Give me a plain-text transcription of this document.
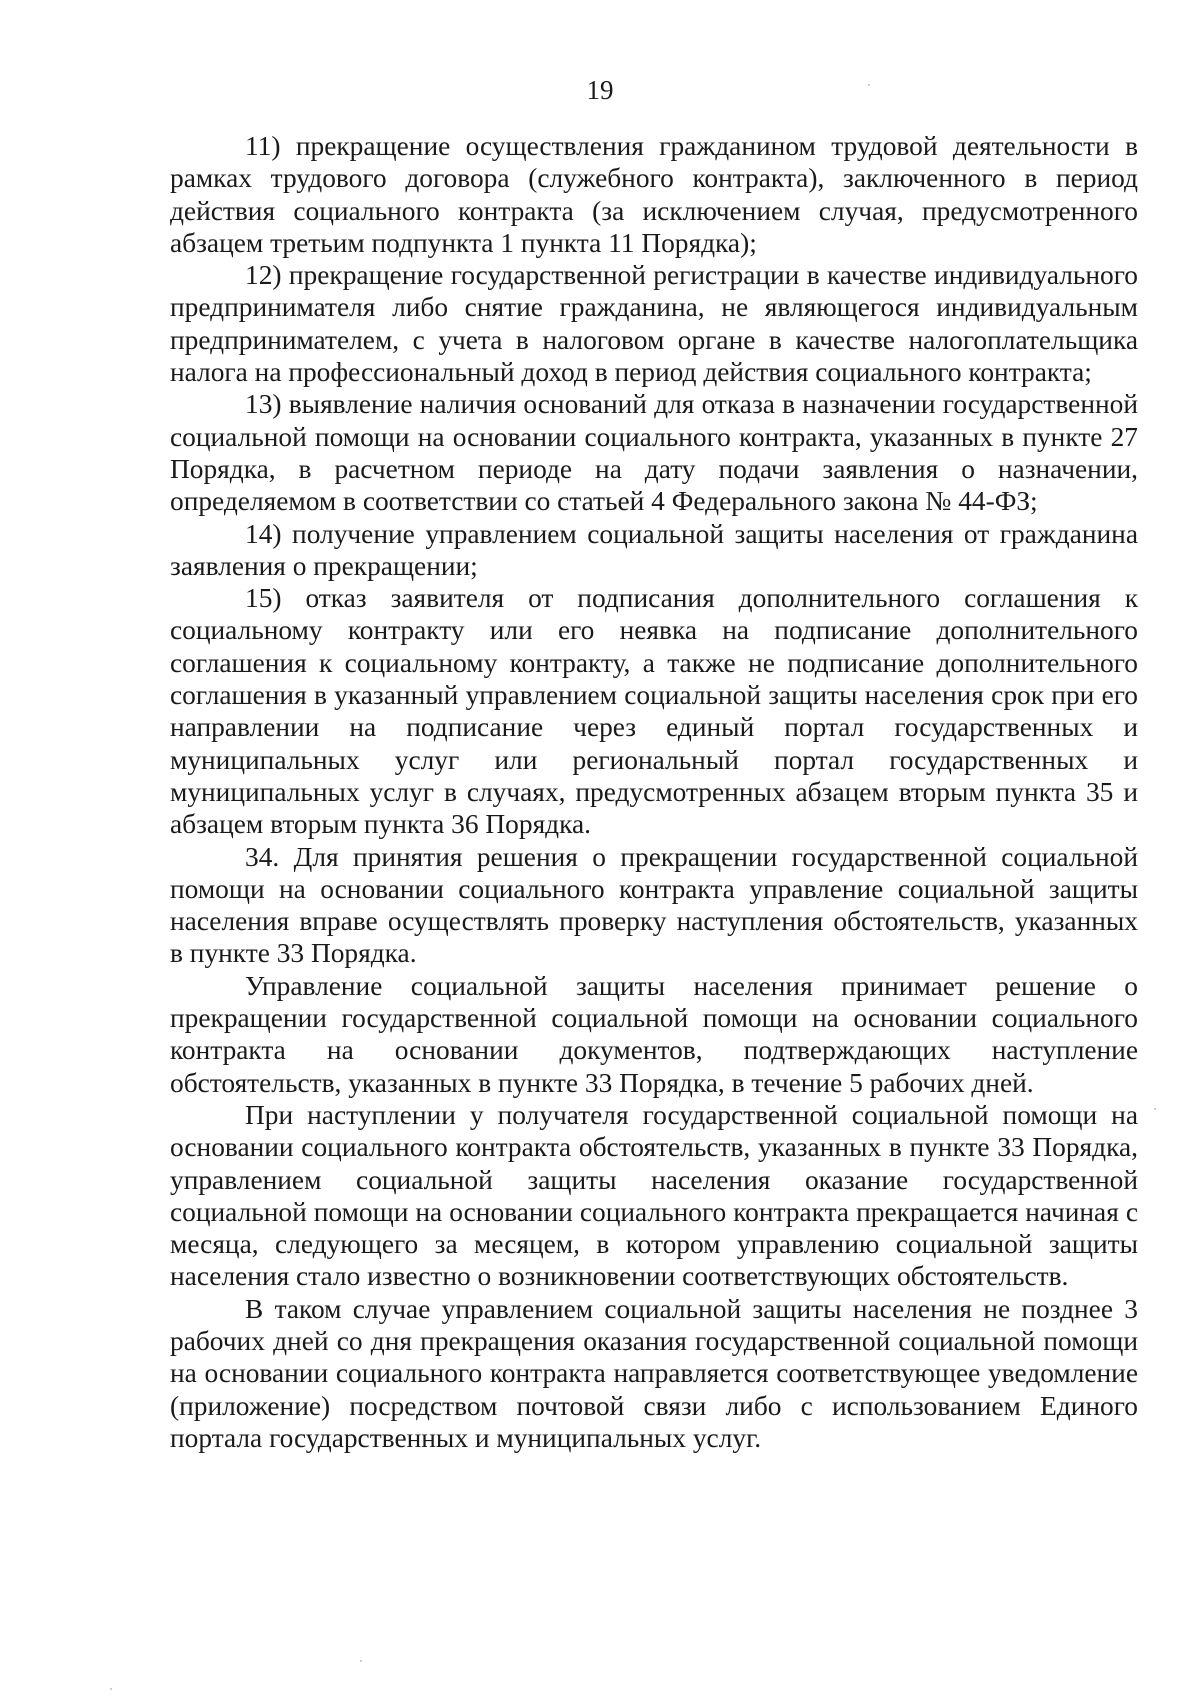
19

11) прекращение осуществления гражданином трудовой деятельности в рамках трудового договора (служебного контракта), заключенного в период действия социального контракта (за исключением случая, предусмотренного абзацем третьим подпункта 1 пункта 11 Порядка);

12) прекращение государственной регистрации в качестве индивидуального предпринимателя либо снятие гражданина, не являющегося индивидуальным предпринимателем, с учета в налоговом органе в качестве налогоплательщика налога на профессиональный доход в период действия социального контракта;

13) выявление наличия оснований для отказа в назначении государственной социальной помощи на основании социального контракта, указанных в пункте 27 Порядка, в расчетном периоде на дату подачи заявления о назначении, определяемом в соответствии со статьей 4 Федерального закона № 44-ФЗ;

14) получение управлением социальной защиты населения от гражданина заявления о прекращении;

15) отказ заявителя от подписания дополнительного соглашения к социальному контракту или его неявка на подписание дополнительного соглашения к социальному контракту, а также не подписание дополнительного соглашения в указанный управлением социальной защиты населения срок при его направлении на подписание через единый портал государственных и муниципальных услуг или региональный портал государственных и муниципальных услуг в случаях, предусмотренных абзацем вторым пункта 35 и абзацем вторым пункта 36 Порядка.

34. Для принятия решения о прекращении государственной социальной помощи на основании социального контракта управление социальной защиты населения вправе осуществлять проверку наступления обстоятельств, указанных в пункте 33 Порядка.

Управление социальной защиты населения принимает решение о прекращении государственной социальной помощи на основании социального контракта на основании документов, подтверждающих наступление обстоятельств, указанных в пункте 33 Порядка, в течение 5 рабочих дней.

При наступлении у получателя государственной социальной помощи на основании социального контракта обстоятельств, указанных в пункте 33 Порядка, управлением социальной защиты населения оказание государственной социальной помощи на основании социального контракта прекращается начиная с месяца, следующего за месяцем, в котором управлению социальной защиты населения стало известно о возникновении соответствующих обстоятельств.

В таком случае управлением социальной защиты населения не позднее 3 рабочих дней со дня прекращения оказания государственной социальной помощи на основании социального контракта направляется соответствующее уведомление (приложение) посредством почтовой связи либо с использованием Единого портала государственных и муниципальных услуг.
